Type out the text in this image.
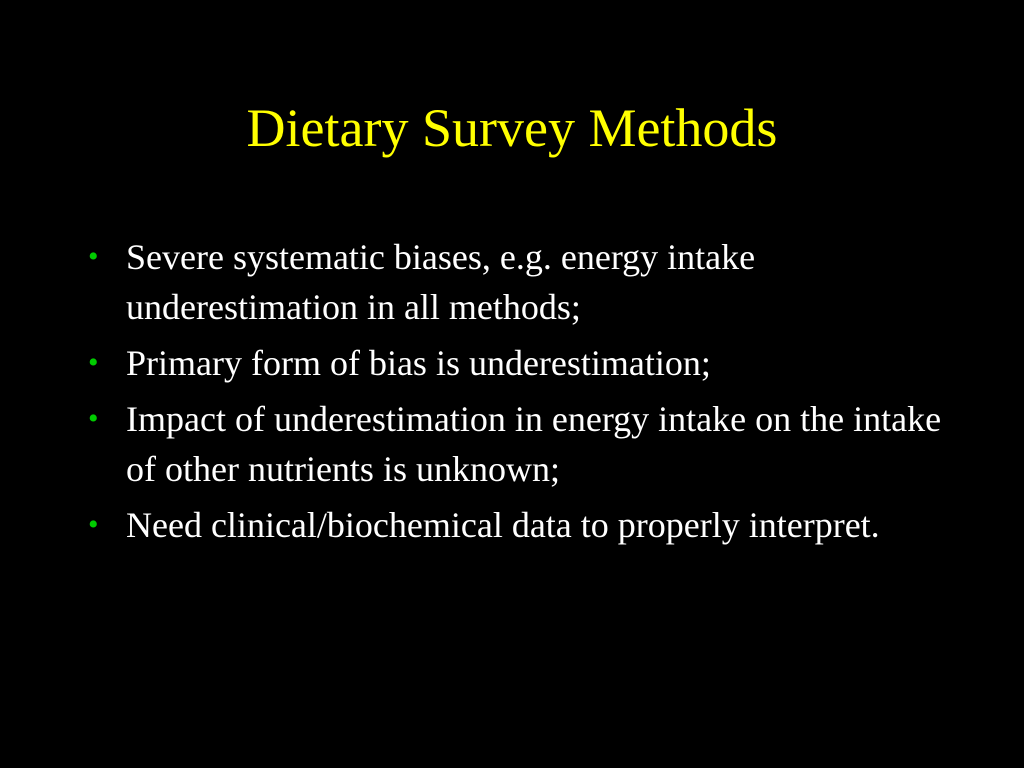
Dietary Survey Methods
• Severe systematic biases, e.g. energy intake underestimation in all methods;
• Primary form of bias is underestimation;
• Impact of underestimation in energy intake on the intake of other nutrients is unknown;
• Need clinical/biochemical data to properly interpret.
